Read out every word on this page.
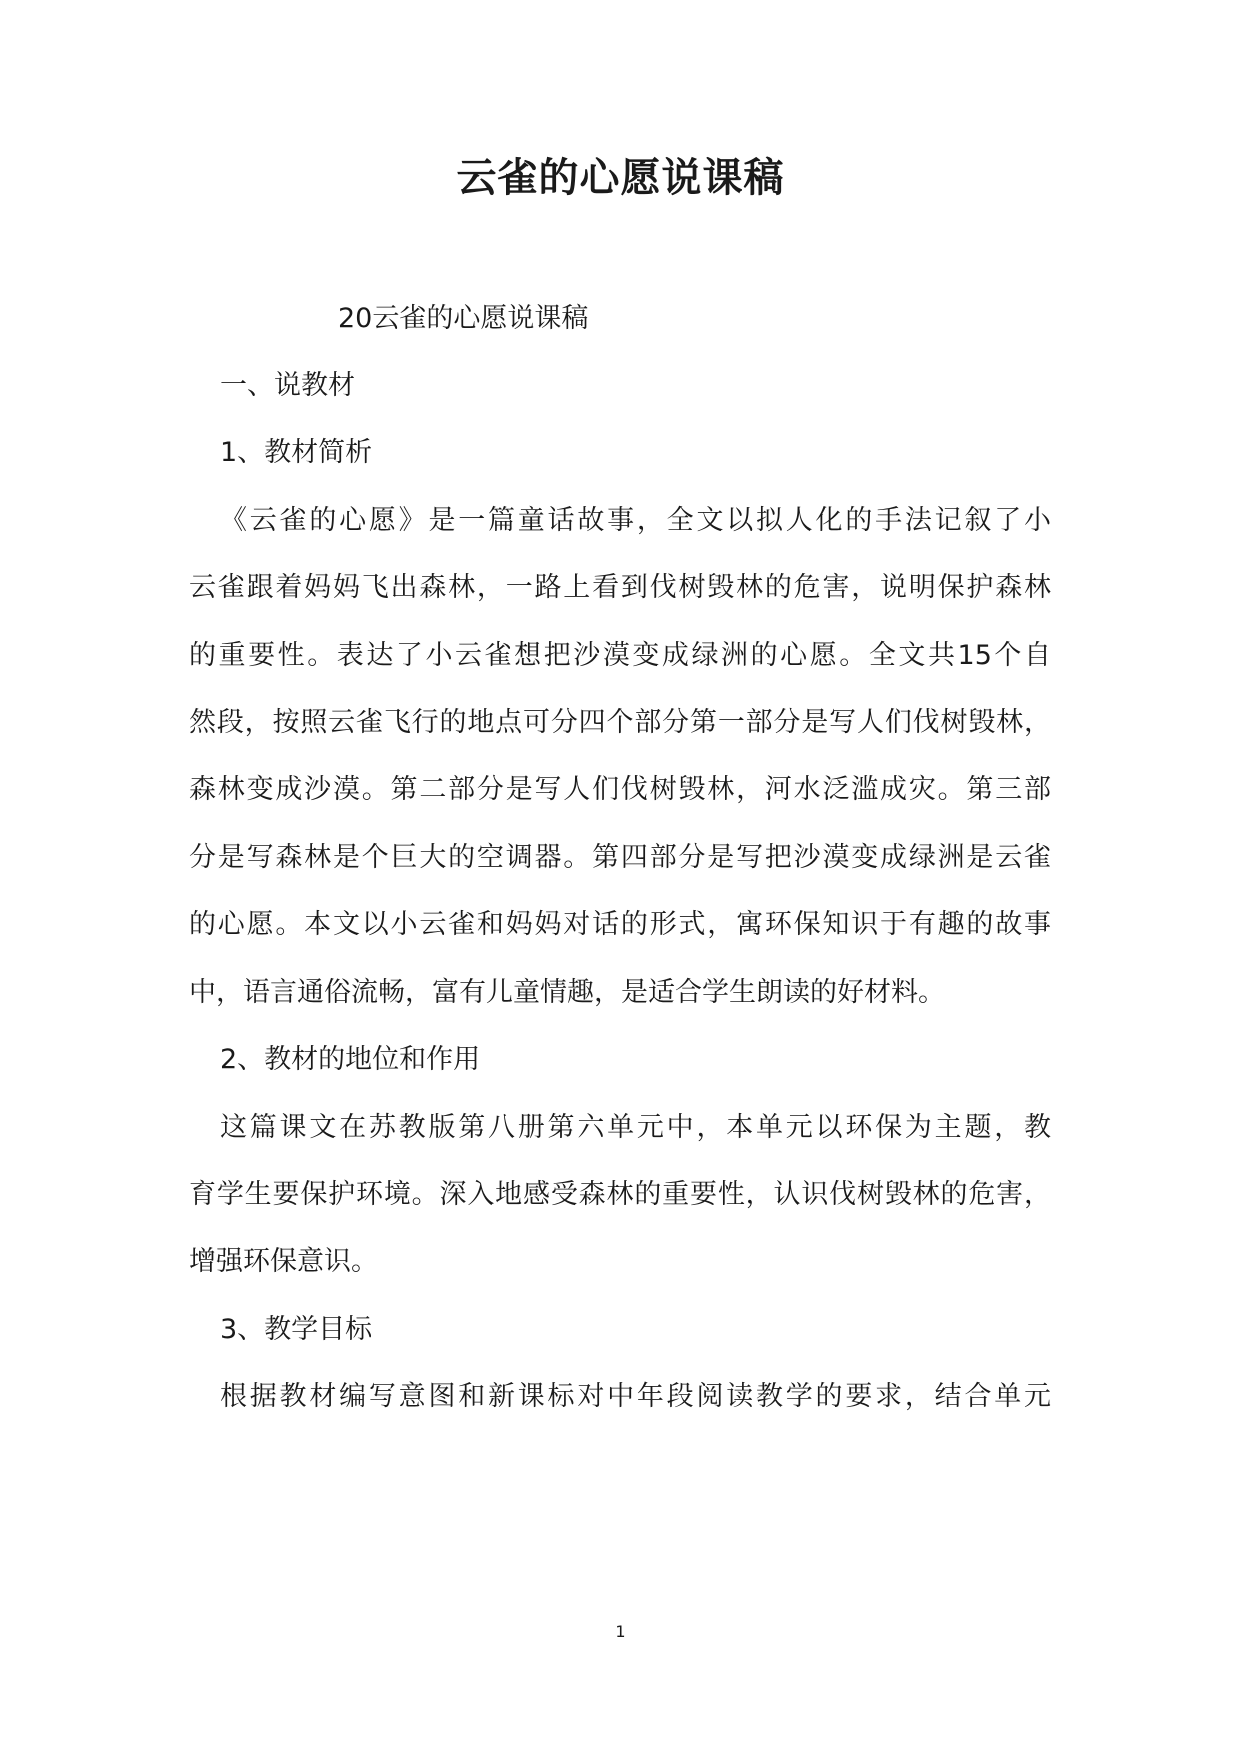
云雀的心愿说课稿
20云雀的心愿说课稿
一、说教材
1、教材简析
《云雀的心愿》是一篇童话故事，全文以拟人化的手法记叙了小
云雀跟着妈妈飞出森林，一路上看到伐树毁林的危害，说明保护森林
的重要性。表达了小云雀想把沙漠变成绿洲的心愿。全文共15个自
然段，按照云雀飞行的地点可分四个部分第一部分是写人们伐树毁林，
森林变成沙漠。第二部分是写人们伐树毁林，河水泛滥成灾。第三部
分是写森林是个巨大的空调器。第四部分是写把沙漠变成绿洲是云雀
的心愿。本文以小云雀和妈妈对话的形式，寓环保知识于有趣的故事
中，语言通俗流畅，富有儿童情趣，是适合学生朗读的好材料。
2、教材的地位和作用
这篇课文在苏教版第八册第六单元中，本单元以环保为主题，教
育学生要保护环境。深入地感受森林的重要性，认识伐树毁林的危害，
增强环保意识。
3、教学目标
根据教材编写意图和新课标对中年段阅读教学的要求，结合单元
1
